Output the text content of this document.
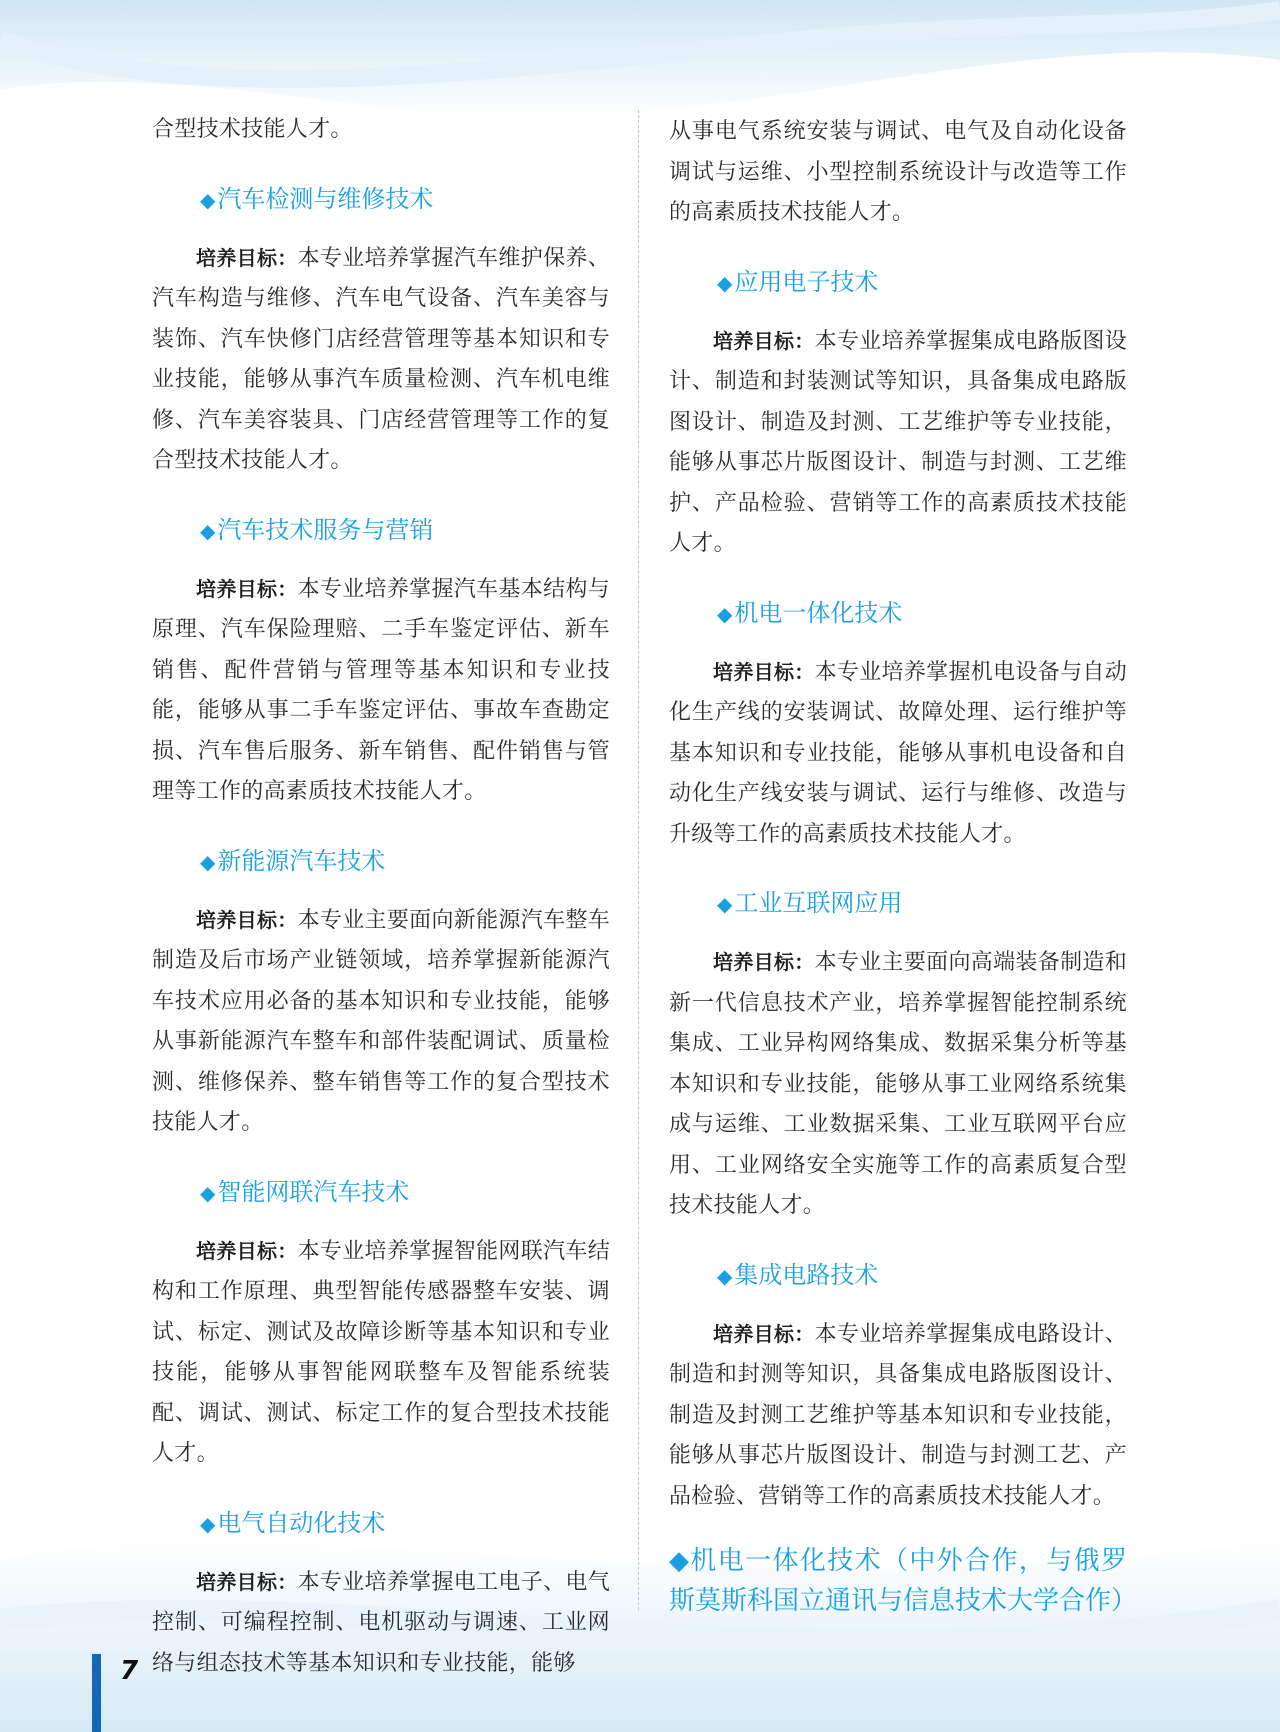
合型技术技能人才。

◆汽车检测与维修技术

培养目标：本专业培养掌握汽车维护保养、汽车构造与维修、汽车电气设备、汽车美容与装饰、汽车快修门店经营管理等基本知识和专业技能，能够从事汽车质量检测、汽车机电维修、汽车美容装具、门店经营管理等工作的复合型技术技能人才。

◆汽车技术服务与营销

培养目标：本专业培养掌握汽车基本结构与原理、汽车保险理赔、二手车鉴定评估、新车销售、配件营销与管理等基本知识和专业技能，能够从事二手车鉴定评估、事故车查勘定损、汽车售后服务、新车销售、配件销售与管理等工作的高素质技术技能人才。

◆新能源汽车技术

培养目标：本专业主要面向新能源汽车整车制造及后市场产业链领域，培养掌握新能源汽车技术应用必备的基本知识和专业技能，能够从事新能源汽车整车和部件装配调试、质量检测、维修保养、整车销售等工作的复合型技术技能人才。

◆智能网联汽车技术

培养目标：本专业培养掌握智能网联汽车结构和工作原理、典型智能传感器整车安装、调试、标定、测试及故障诊断等基本知识和专业技能，能够从事智能网联整车及智能系统装配、调试、测试、标定工作的复合型技术技能人才。

◆电气自动化技术

培养目标：本专业培养掌握电工电子、电气控制、可编程控制、电机驱动与调速、工业网络与组态技术等基本知识和专业技能，能够

从事电气系统安装与调试、电气及自动化设备调试与运维、小型控制系统设计与改造等工作的高素质技术技能人才。

◆应用电子技术

培养目标：本专业培养掌握集成电路版图设计、制造和封装测试等知识，具备集成电路版图设计、制造及封测、工艺维护等专业技能，能够从事芯片版图设计、制造与封测、工艺维护、产品检验、营销等工作的高素质技术技能人才。

◆机电一体化技术

培养目标：本专业培养掌握机电设备与自动化生产线的安装调试、故障处理、运行维护等基本知识和专业技能，能够从事机电设备和自动化生产线安装与调试、运行与维修、改造与升级等工作的高素质技术技能人才。

◆工业互联网应用

培养目标：本专业主要面向高端装备制造和新一代信息技术产业，培养掌握智能控制系统集成、工业异构网络集成、数据采集分析等基本知识和专业技能，能够从事工业网络系统集成与运维、工业数据采集、工业互联网平台应用、工业网络安全实施等工作的高素质复合型技术技能人才。

◆集成电路技术

培养目标：本专业培养掌握集成电路设计、制造和封测等知识，具备集成电路版图设计、制造及封测工艺维护等基本知识和专业技能，能够从事芯片版图设计、制造与封测工艺、产品检验、营销等工作的高素质技术技能人才。

◆机电一体化技术（中外合作，与俄罗斯莫斯科国立通讯与信息技术大学合作）
7
